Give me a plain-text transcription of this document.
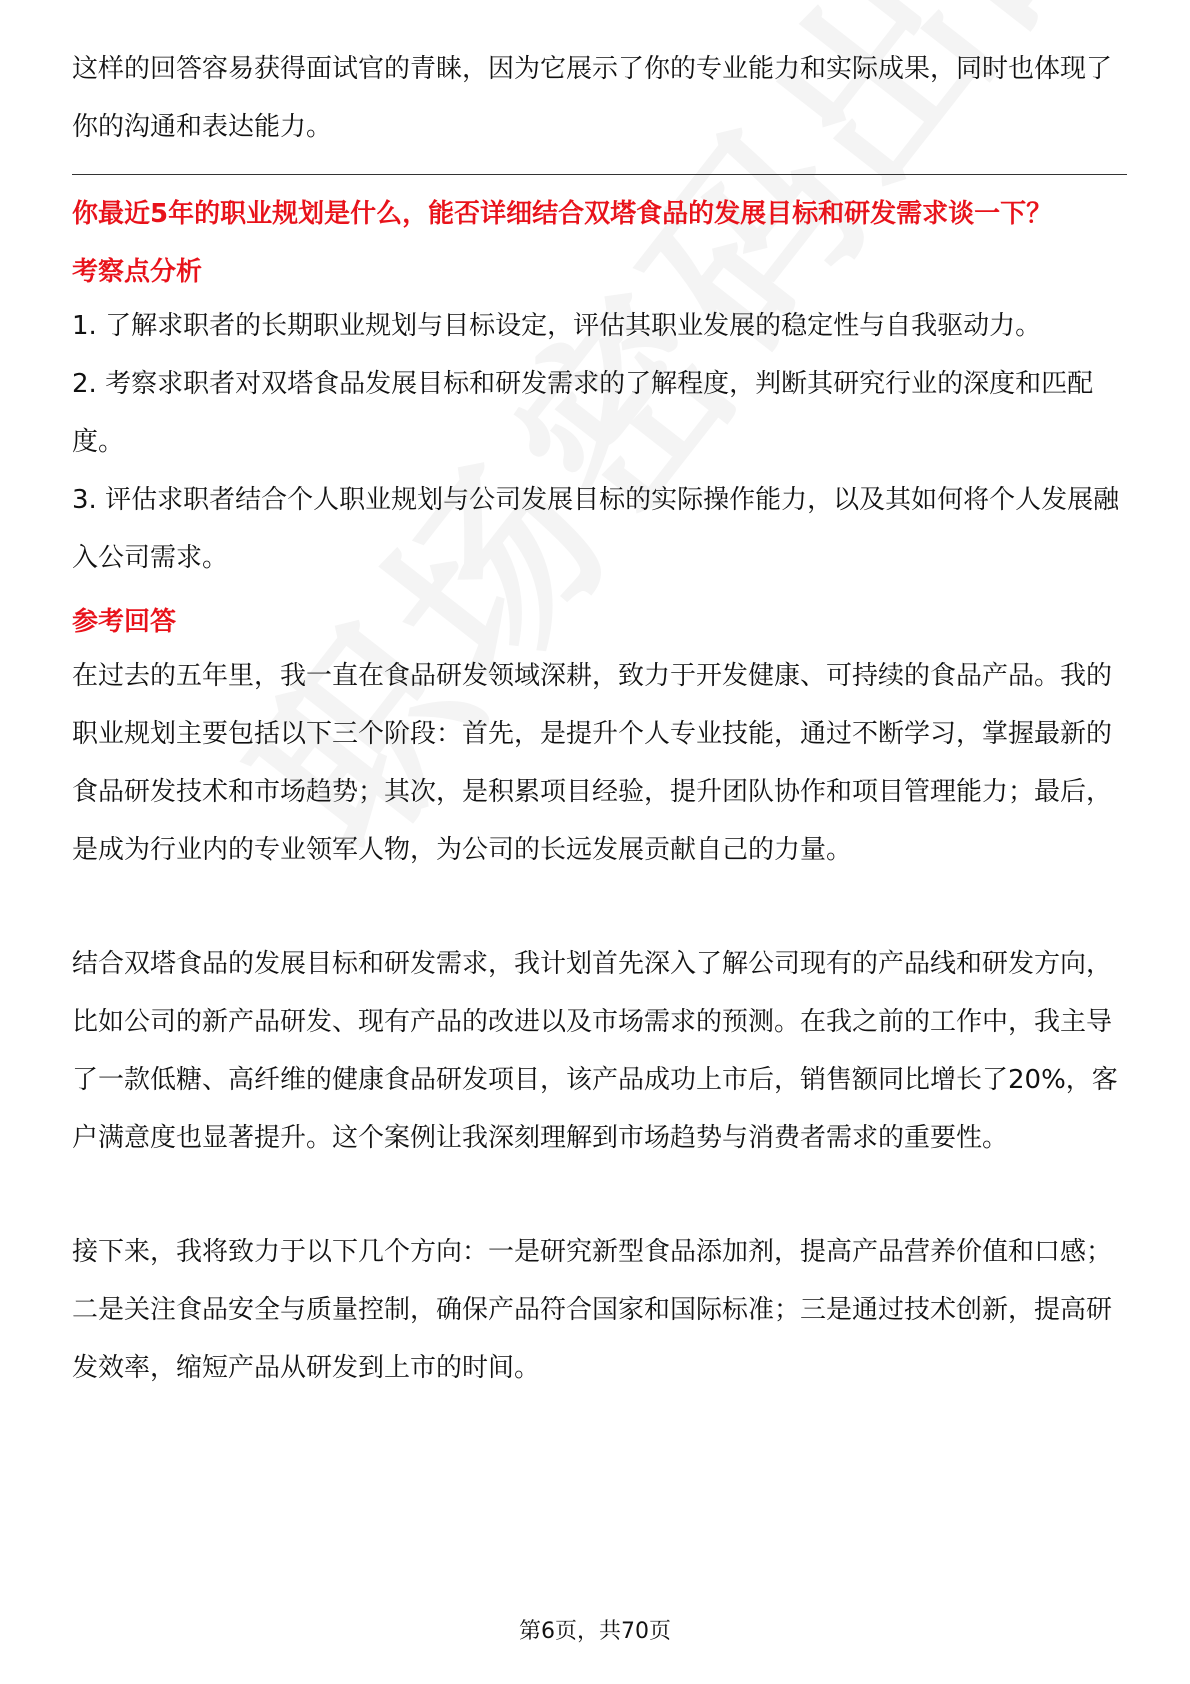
这样的回答容易获得面试官的青睐，因为它展示了你的专业能力和实际成果，同时也体现了你的沟通和表达能力。

你最近5年的职业规划是什么，能否详细结合双塔食品的发展目标和研发需求谈一下？
考察点分析

1. 了解求职者的长期职业规划与目标设定，评估其职业发展的稳定性与自我驱动力。

2. 考察求职者对双塔食品发展目标和研发需求的了解程度，判断其研究行业的深度和匹配度。

3. 评估求职者结合个人职业规划与公司发展目标的实际操作能力，以及其如何将个人发展融入公司需求。

参考回答

在过去的五年里，我一直在食品研发领域深耕，致力于开发健康、可持续的食品产品。我的职业规划主要包括以下三个阶段：首先，是提升个人专业技能，通过不断学习，掌握最新的食品研发技术和市场趋势；其次，是积累项目经验，提升团队协作和项目管理能力；最后，是成为行业内的专业领军人物，为公司的长远发展贡献自己的力量。

结合双塔食品的发展目标和研发需求，我计划首先深入了解公司现有的产品线和研发方向，比如公司的新产品研发、现有产品的改进以及市场需求的预测。在我之前的工作中，我主导了一款低糖、高纤维的健康食品研发项目，该产品成功上市后，销售额同比增长了20%，客户满意度也显著提升。这个案例让我深刻理解到市场趋势与消费者需求的重要性。

接下来，我将致力于以下几个方向：一是研究新型食品添加剂，提高产品营养价值和口感；二是关注食品安全与质量控制，确保产品符合国家和国际标准；三是通过技术创新，提高研发效率，缩短产品从研发到上市的时间。

第6页，共70页
